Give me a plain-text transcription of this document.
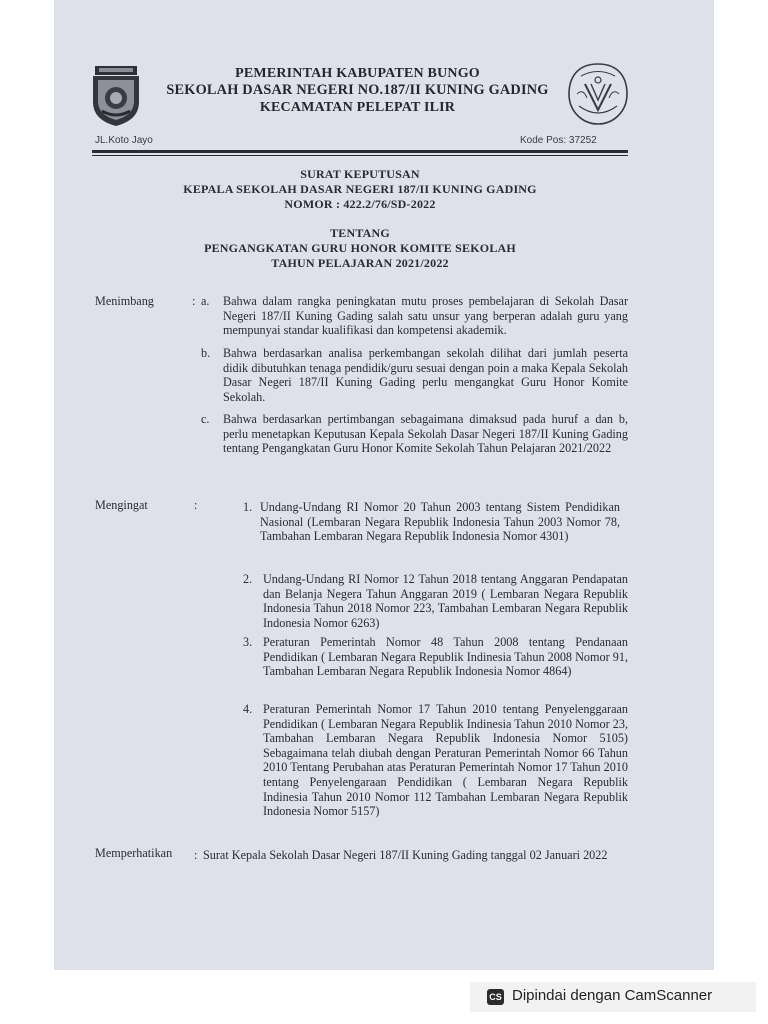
PEMERINTAH KABUPATEN BUNGO
SEKOLAH DASAR NEGERI NO.187/II KUNING GADING
KECAMATAN PELEPAT ILIR
JL.Koto Jayo	Kode Pos: 37252
SURAT KEPUTUSAN
KEPALA SEKOLAH DASAR NEGERI 187/II KUNING GADING
NOMOR : 422.2/76/SD-2022
TENTANG
PENGANGKATAN GURU HONOR KOMITE SEKOLAH
TAHUN PELAJARAN 2021/2022
Menimbang	: a. Bahwa dalam rangka peningkatan mutu proses pembelajaran di Sekolah Dasar Negeri 187/II Kuning Gading salah satu unsur yang berperan adalah guru yang mempunyai standar kualifikasi dan kompetensi akademik.
b. Bahwa berdasarkan analisa perkembangan sekolah dilihat dari jumlah peserta didik dibutuhkan tenaga pendidik/guru sesuai dengan poin a maka Kepala Sekolah Dasar Negeri 187/II Kuning Gading perlu mengangkat Guru Honor Komite Sekolah.
c. Bahwa berdasarkan pertimbangan sebagaimana dimaksud pada huruf a dan b, perlu menetapkan Keputusan Kepala Sekolah Dasar Negeri 187/II Kuning Gading tentang Pengangkatan Guru Honor Komite Sekolah Tahun Pelajaran 2021/2022
Mengingat	:	1. Undang-Undang RI Nomor 20 Tahun 2003 tentang Sistem Pendidikan Nasional (Lembaran Negara Republik Indonesia Tahun 2003 Nomor 78, Tambahan Lembaran Negara Republik Indonesia Nomor 4301)
2. Undang-Undang RI Nomor 12 Tahun 2018 tentang Anggaran Pendapatan dan Belanja Negera Tahun Anggaran 2019 ( Lembaran Negara Republik Indonesia Tahun 2018 Nomor 223, Tambahan Lembaran Negara Republik Indonesia Nomor 6263)
3. Peraturan Pemerintah Nomor 48 Tahun 2008 tentang Pendanaan Pendidikan ( Lembaran Negara Republik Indinesia Tahun 2008 Nomor 91, Tambahan Lembaran Negara Republik Indonesia Nomor 4864)
4. Peraturan Pemerintah Nomor 17 Tahun 2010 tentang Penyelenggaraan Pendidikan ( Lembaran Negara Republik Indinesia Tahun 2010 Nomor 23, Tambahan Lembaran Negara Republik Indonesia Nomor 5105) Sebagaimana telah diubah dengan Peraturan Pemerintah Nomor 66 Tahun 2010 Tentang Perubahan atas Peraturan Pemerintah Nomor 17 Tahun 2010 tentang Penyelengaraan Pendidikan ( Lembaran Negara Republik Indinesia Tahun 2010 Nomor 112 Tambahan Lembaran Negara Republik Indonesia Nomor 5157)
Memperhatikan : Surat Kepala Sekolah Dasar Negeri 187/II Kuning Gading tanggal 02 Januari 2022
CS Dipindai dengan CamScanner
